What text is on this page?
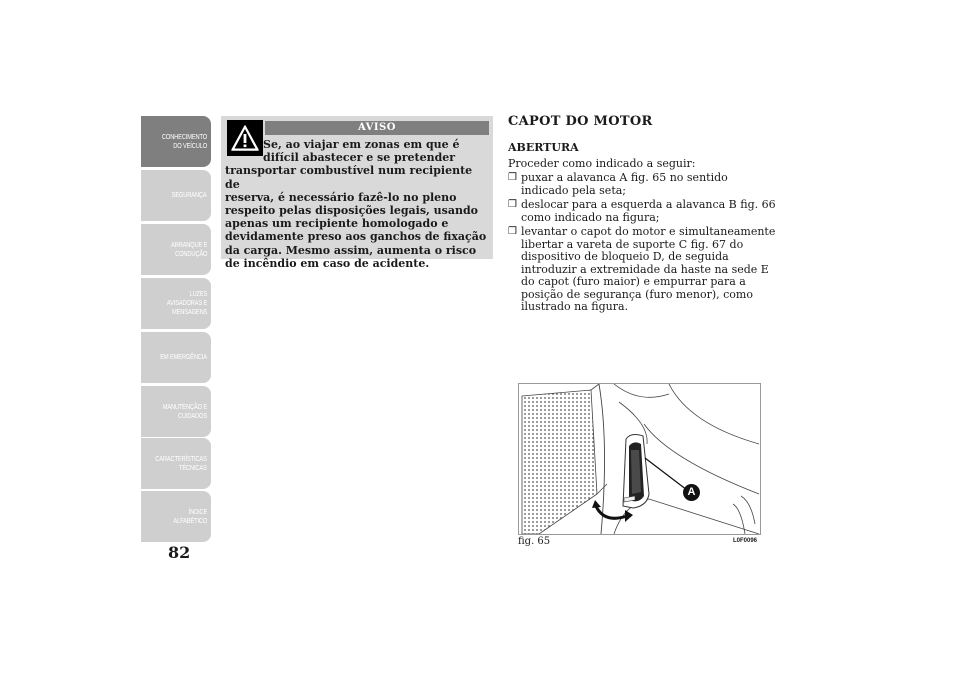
CONHECIMENTO
DO VEÍCULO
SEGURANÇA
ARRANQUE E
CONDUÇÃO
LUZES
AVISADORAS E
MENSAGENS
EM EMERGÊNCIA
MANUTENÇÃO E
CUIDADOS
CARACTERÍSTICAS
TÉCNICAS
ÍNDICE
ALFABÉTICO
82
AVISO
Se, ao viajar em zonas em que é
difícil abastecer e se pretender
transportar combustível num recipiente de
reserva, é necessário fazê-lo no pleno
respeito pelas disposições legais, usando
apenas um recipiente homologado e
devidamente preso aos ganchos de fixação
da carga. Mesmo assim, aumenta o risco
de incêndio em caso de acidente.
CAPOT DO MOTOR
ABERTURA
Proceder como indicado a seguir:
❒ puxar a alavanca A fig. 65 no sentido indicado pela seta;
❒ deslocar para a esquerda a alavanca B fig. 66 como indicado na figura;
❒ levantar o capot do motor e simultaneamente libertar a vareta de suporte C fig. 67 do dispositivo de bloqueio D, de seguida introduzir a extremidade da haste na sede E do capot (furo maior) e empurrar para a posição de segurança (furo menor), como ilustrado na figura.
A
fig. 65	L0F0096
